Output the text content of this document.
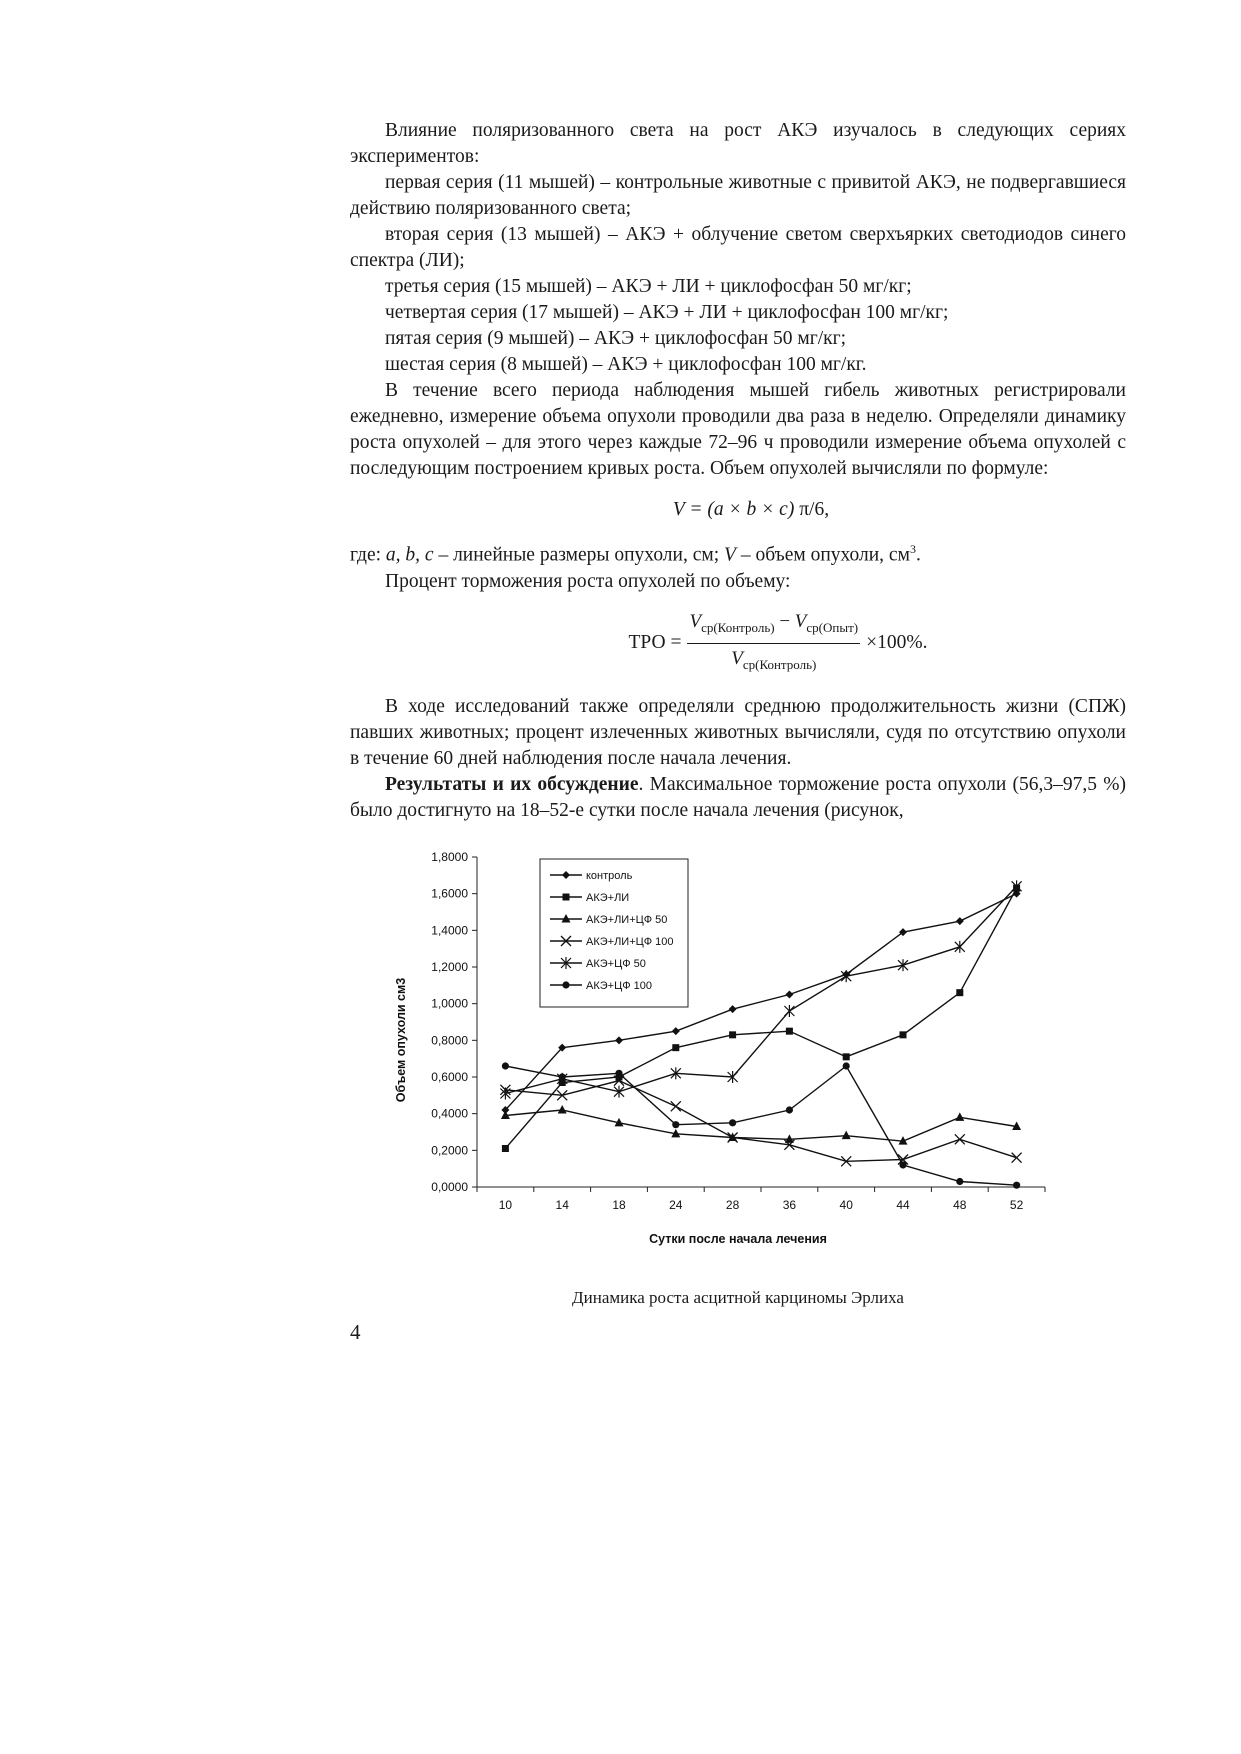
Влияние поляризованного света на рост АКЭ изучалось в следующих сериях экспериментов:

первая серия (11 мышей) – контрольные животные с привитой АКЭ, не подвергавшиеся действию поляризованного света;

вторая серия (13 мышей) – АКЭ + облучение светом сверхъярких светодиодов синего спектра (ЛИ);

третья серия (15 мышей) – АКЭ + ЛИ + циклофосфан 50 мг/кг;

четвертая серия (17 мышей) – АКЭ + ЛИ + циклофосфан 100 мг/кг;

пятая серия (9 мышей) – АКЭ + циклофосфан 50 мг/кг;

шестая серия (8 мышей) – АКЭ + циклофосфан 100 мг/кг.

В течение всего периода наблюдения мышей гибель животных регистрировали ежедневно, измерение объема опухоли проводили два раза в неделю. Определяли динамику роста опухолей – для этого через каждые 72–96 ч проводили измерение объема опухолей с последующим построением кривых роста. Объем опухолей вычисляли по формуле:

V = (a × b × c) π/6,

где: a, b, c – линейные размеры опухоли, см; V – объем опухоли, $см^3$.

Процент торможения роста опухолей по объему:

ТРО = $\frac{V_{ср(Контроль)} - V_{ср(Опыт)}}{V_{ср(Контроль)}} \times 100\%$.

В ходе исследований также определяли среднюю продолжительность жизни (СПЖ) павших животных; процент излеченных животных вычисляли, судя по отсутствию опухоли в течение 60 дней наблюдения после начала лечения.

Результаты и их обсуждение. Максимальное торможение роста опухоли (56,3–97,5 %) было достигнуто на 18–52-е сутки после начала лечения (рисунок,

0,0000
0,2000
0,4000
0,6000
0,8000
1,0000
1,2000
1,4000
1,6000
1,8000
10	14	18	24	28	36	40	44	48	52
контроль
АКЭ+ЛИ
АКЭ+ЛИ+ЦФ 50
АКЭ+ЛИ+ЦФ 100
АКЭ+ЦФ 50
АКЭ+ЦФ 100
Сутки после начала лечения
Объем опухоли см3
Динамика роста асцитной карциномы Эрлиха
4
